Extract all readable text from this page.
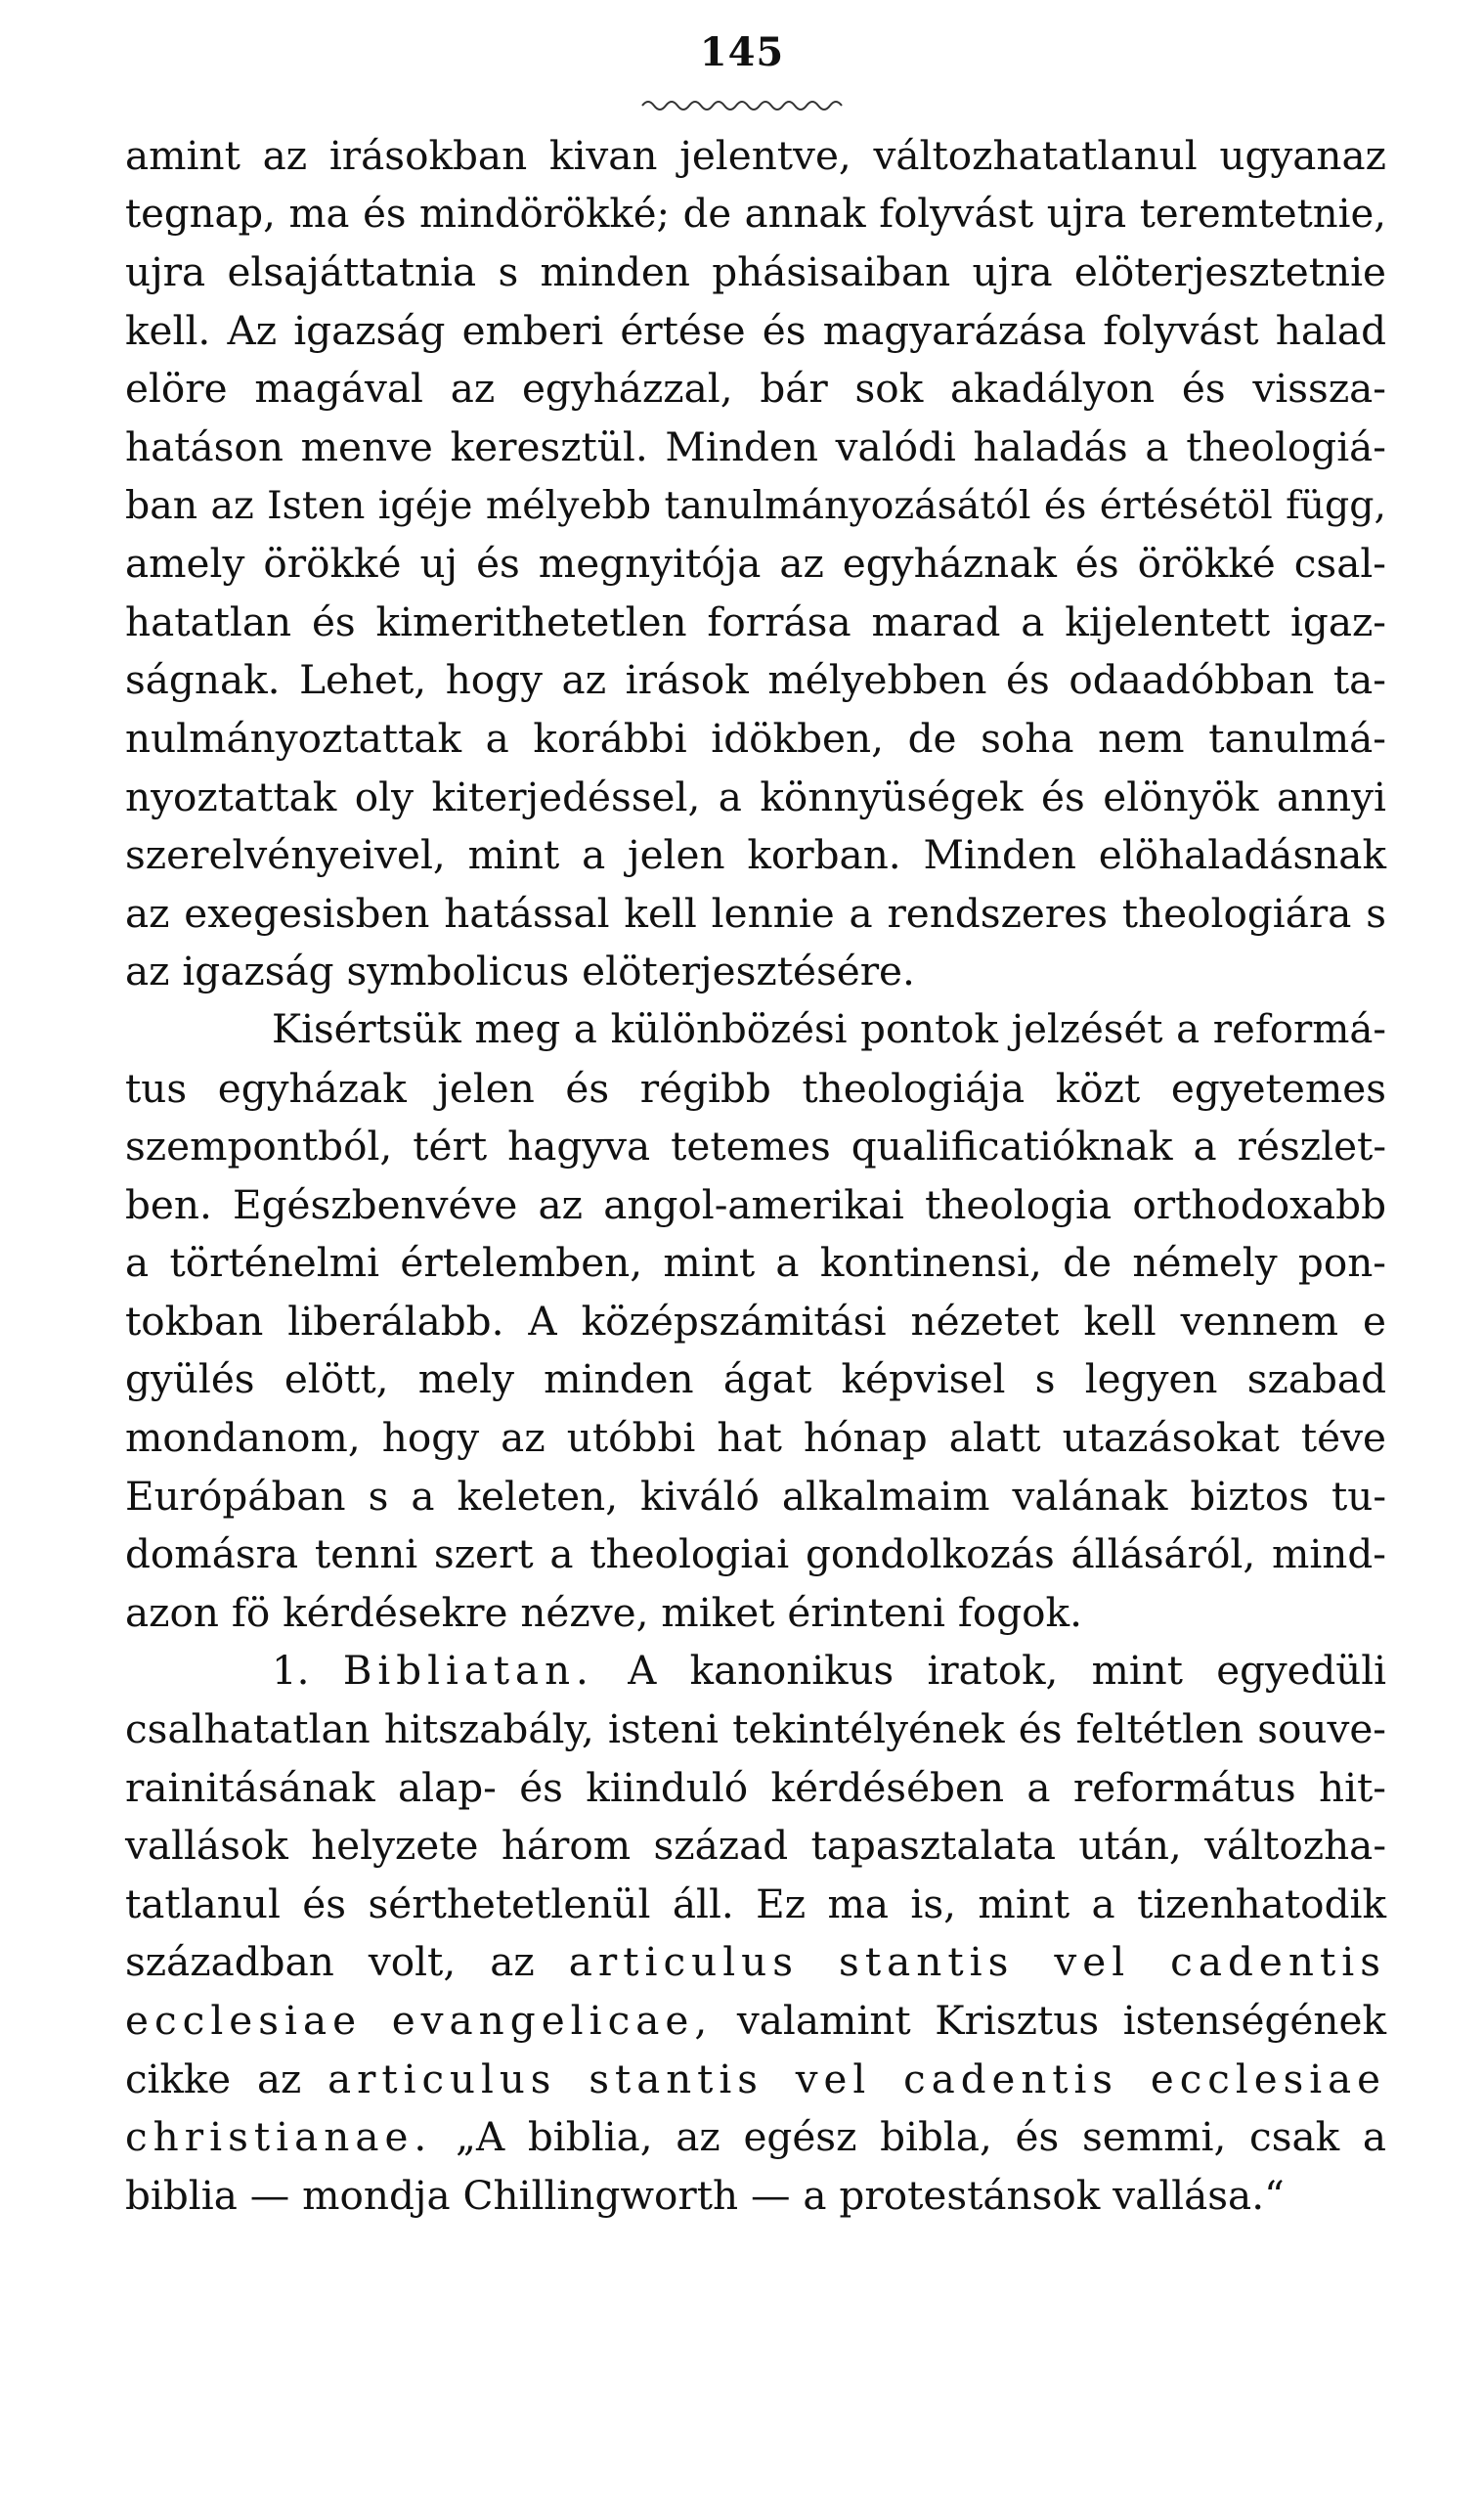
145
amint az irásokban kivan jelentve, változhatatlanul ugyanaz
tegnap, ma és mindörökké; de annak folyvást ujra teremtetnie,
ujra elsajáttatnia s minden phásisaiban ujra elöterjesztetnie
kell. Az igazság emberi értése és magyarázása folyvást halad
elöre magával az egyházzal, bár sok akadályon és vissza-
hatáson menve keresztül. Minden valódi haladás a theologiá-
ban az Isten igéje mélyebb tanulmányozásától és értésétöl függ,
amely örökké uj és megnyitója az egyháznak és örökké csal-
hatatlan és kimerithetetlen forrása marad a kijelentett igaz-
ságnak. Lehet, hogy az irások mélyebben és odaadóbban ta-
nulmányoztattak a korábbi idökben, de soha nem tanulmá-
nyoztattak oly kiterjedéssel, a könnyüségek és elönyök annyi
szerelvényeivel, mint a jelen korban. Minden elöhaladásnak
az exegesisben hatással kell lennie a rendszeres theologiára s
az igazság symbolicus elöterjesztésére.
Kisértsük meg a különbözési pontok jelzését a reformá-
tus egyházak jelen és régibb theologiája közt egyetemes
szempontból, tért hagyva tetemes qualificatióknak a részlet-
ben. Egészbenvéve az angol-amerikai theologia orthodoxabb
a történelmi értelemben, mint a kontinensi, de némely pon-
tokban liberálabb. A középszámitási nézetet kell vennem e
gyülés elött, mely minden ágat képvisel s legyen szabad
mondanom, hogy az utóbbi hat hónap alatt utazásokat téve
Európában s a keleten, kiváló alkalmaim valának biztos tu-
domásra tenni szert a theologiai gondolkozás állásáról, mind-
azon fö kérdésekre nézve, miket érinteni fogok.
1. Bibliatan. A kanonikus iratok, mint egyedüli
csalhatatlan hitszabály, isteni tekintélyének és feltétlen souve-
rainitásának alap- és kiinduló kérdésében a református hit-
vallások helyzete három század tapasztalata után, változha-
tatlanul és sérthetetlenül áll. Ez ma is, mint a tizenhatodik
században volt, az articulus stantis vel cadentis
ecclesiae evangelicae, valamint Krisztus istenségének
cikke az articulus stantis vel cadentis ecclesiae
christianae. „A biblia, az egész bibla, és semmi, csak a
biblia — mondja Chillingworth — a protestánsok vallása.“
